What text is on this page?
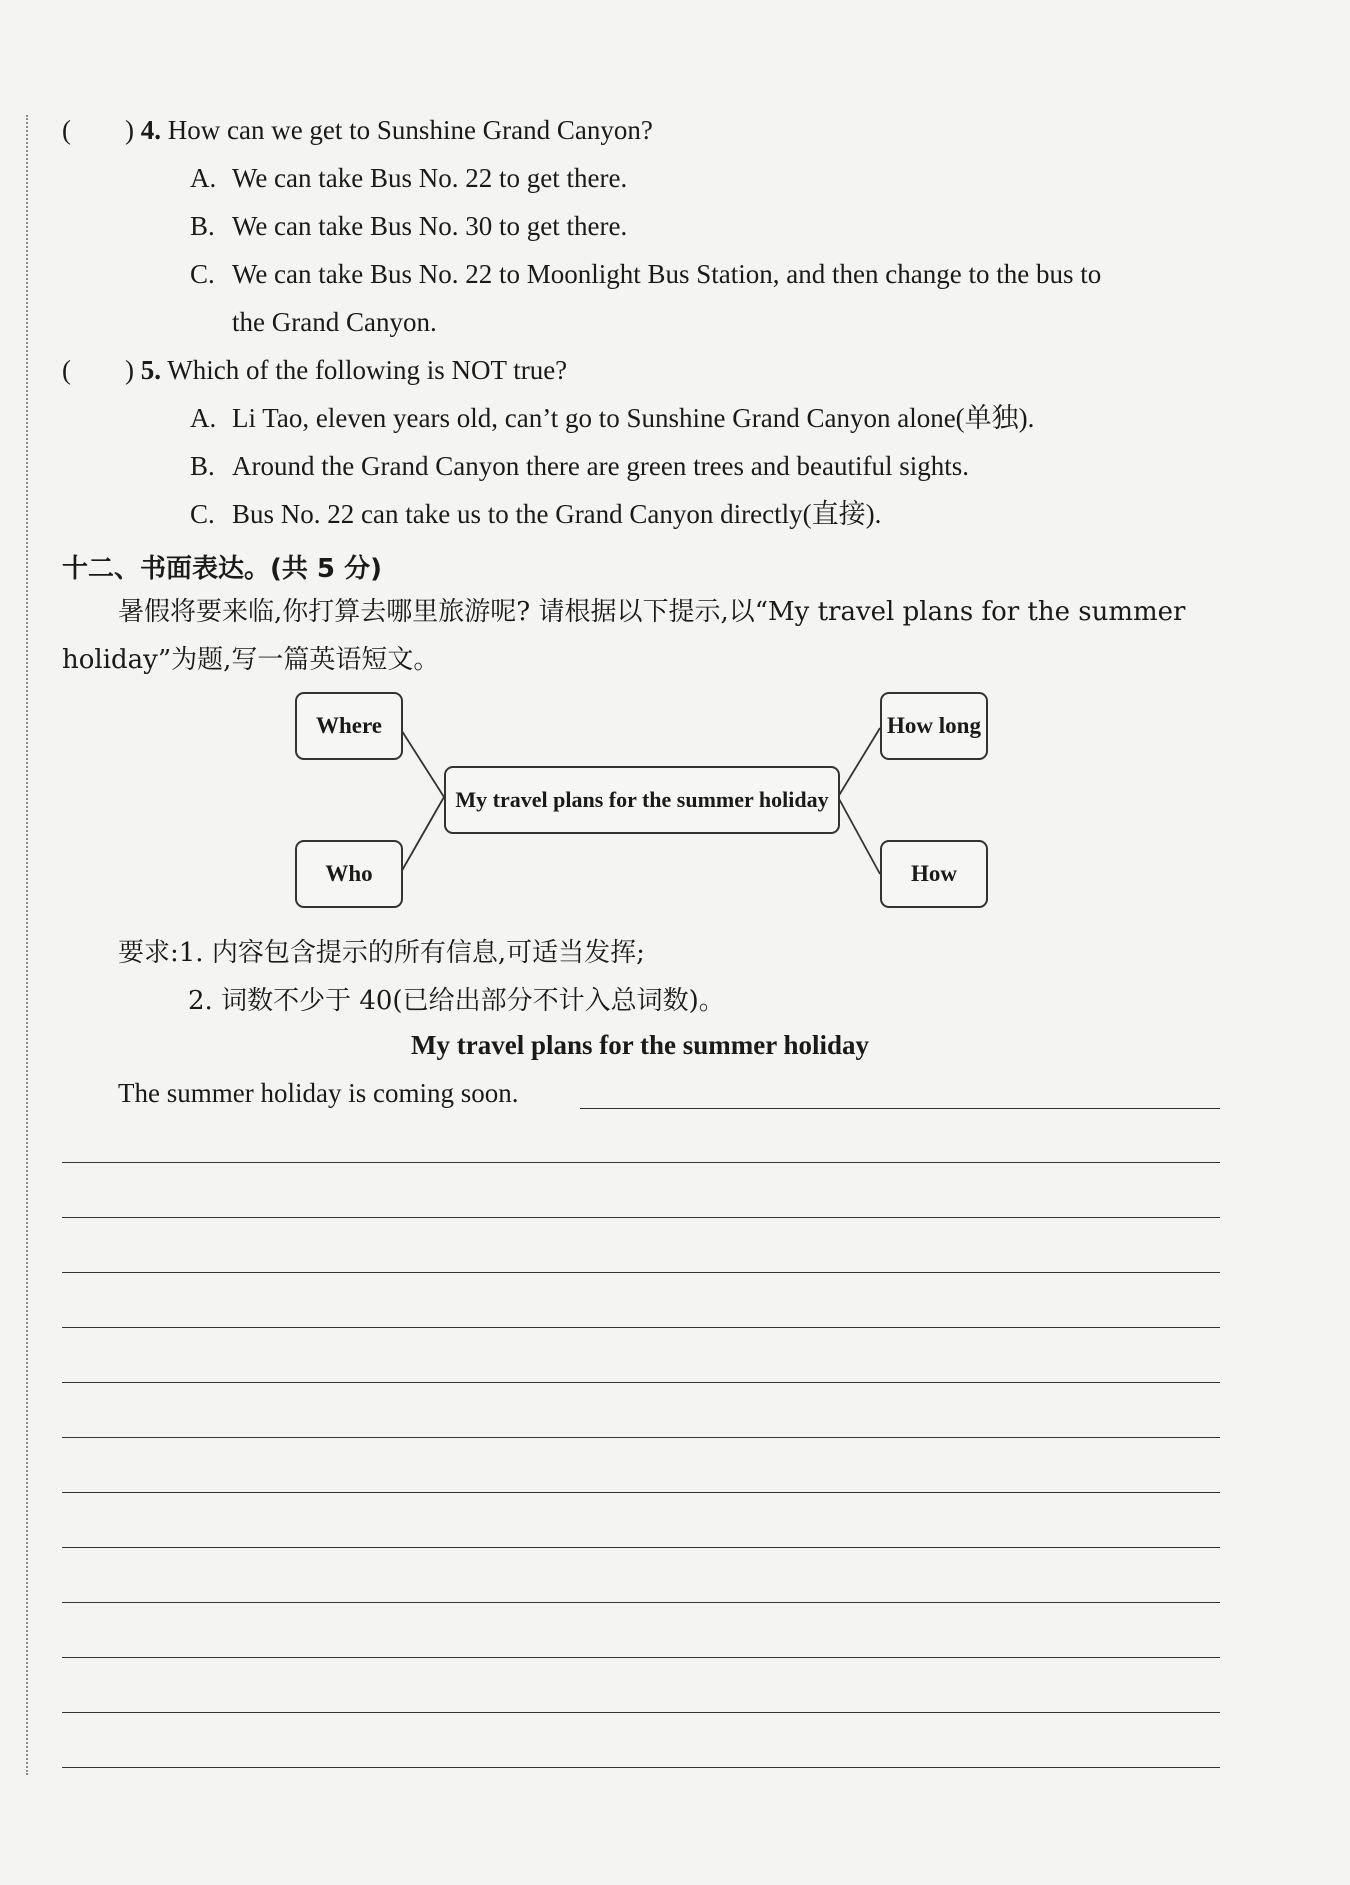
(　　) 4. How can we get to Sunshine Grand Canyon?
A. We can take Bus No. 22 to get there.
B. We can take Bus No. 30 to get there.
C. We can take Bus No. 22 to Moonlight Bus Station, and then change to the bus to
the Grand Canyon.
(　　) 5. Which of the following is NOT true?
A. Li Tao, eleven years old, can’t go to Sunshine Grand Canyon alone(单独).
B. Around the Grand Canyon there are green trees and beautiful sights.
C. Bus No. 22 can take us to the Grand Canyon directly(直接).
十二、书面表达。(共 5 分)
暑假将要来临,你打算去哪里旅游呢? 请根据以下提示,以“My travel plans for the summer
holiday”为题,写一篇英语短文。
Where
Who
My travel plans for the summer holiday
How long
How
要求:1. 内容包含提示的所有信息,可适当发挥;
2. 词数不少于 40(已给出部分不计入总词数)。
My travel plans for the summer holiday
The summer holiday is coming soon.
